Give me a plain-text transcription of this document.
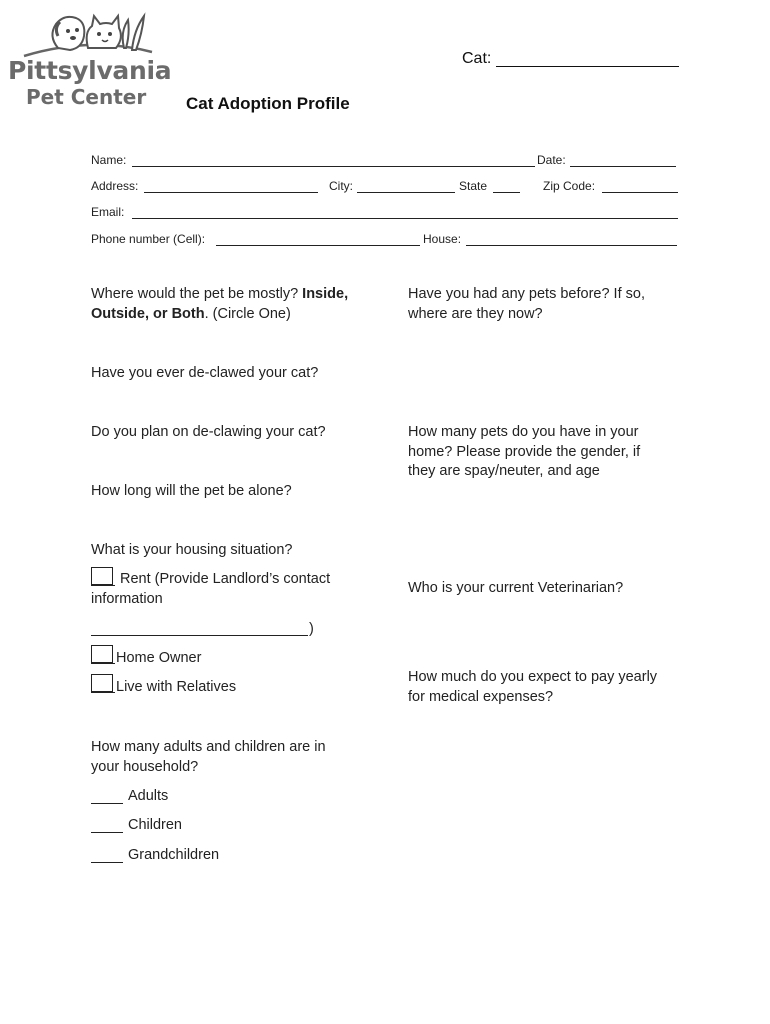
Pittsylvania
Pet Center Cat Adoption Profile
Cat:
Name:	Date:
Address:	City:	State	Zip Code:
Email:
Phone number (Cell):	House:
Where would the pet be mostly? Inside,
Outside, or Both. (Circle One)
Have you ever de-clawed your cat?
Do you plan on de-clawing your cat?
How long will the pet be alone?
What is your housing situation?
Rent (Provide Landlord’s contact
information
)
Home Owner
Live with Relatives
How many adults and children are in
your household?
Adults
Children
Grandchildren
Have you had any pets before? If so,
where are they now?
How many pets do you have in your
home? Please provide the gender, if
they are spay/neuter, and age
Who is your current Veterinarian?
How much do you expect to pay yearly
for medical expenses?
